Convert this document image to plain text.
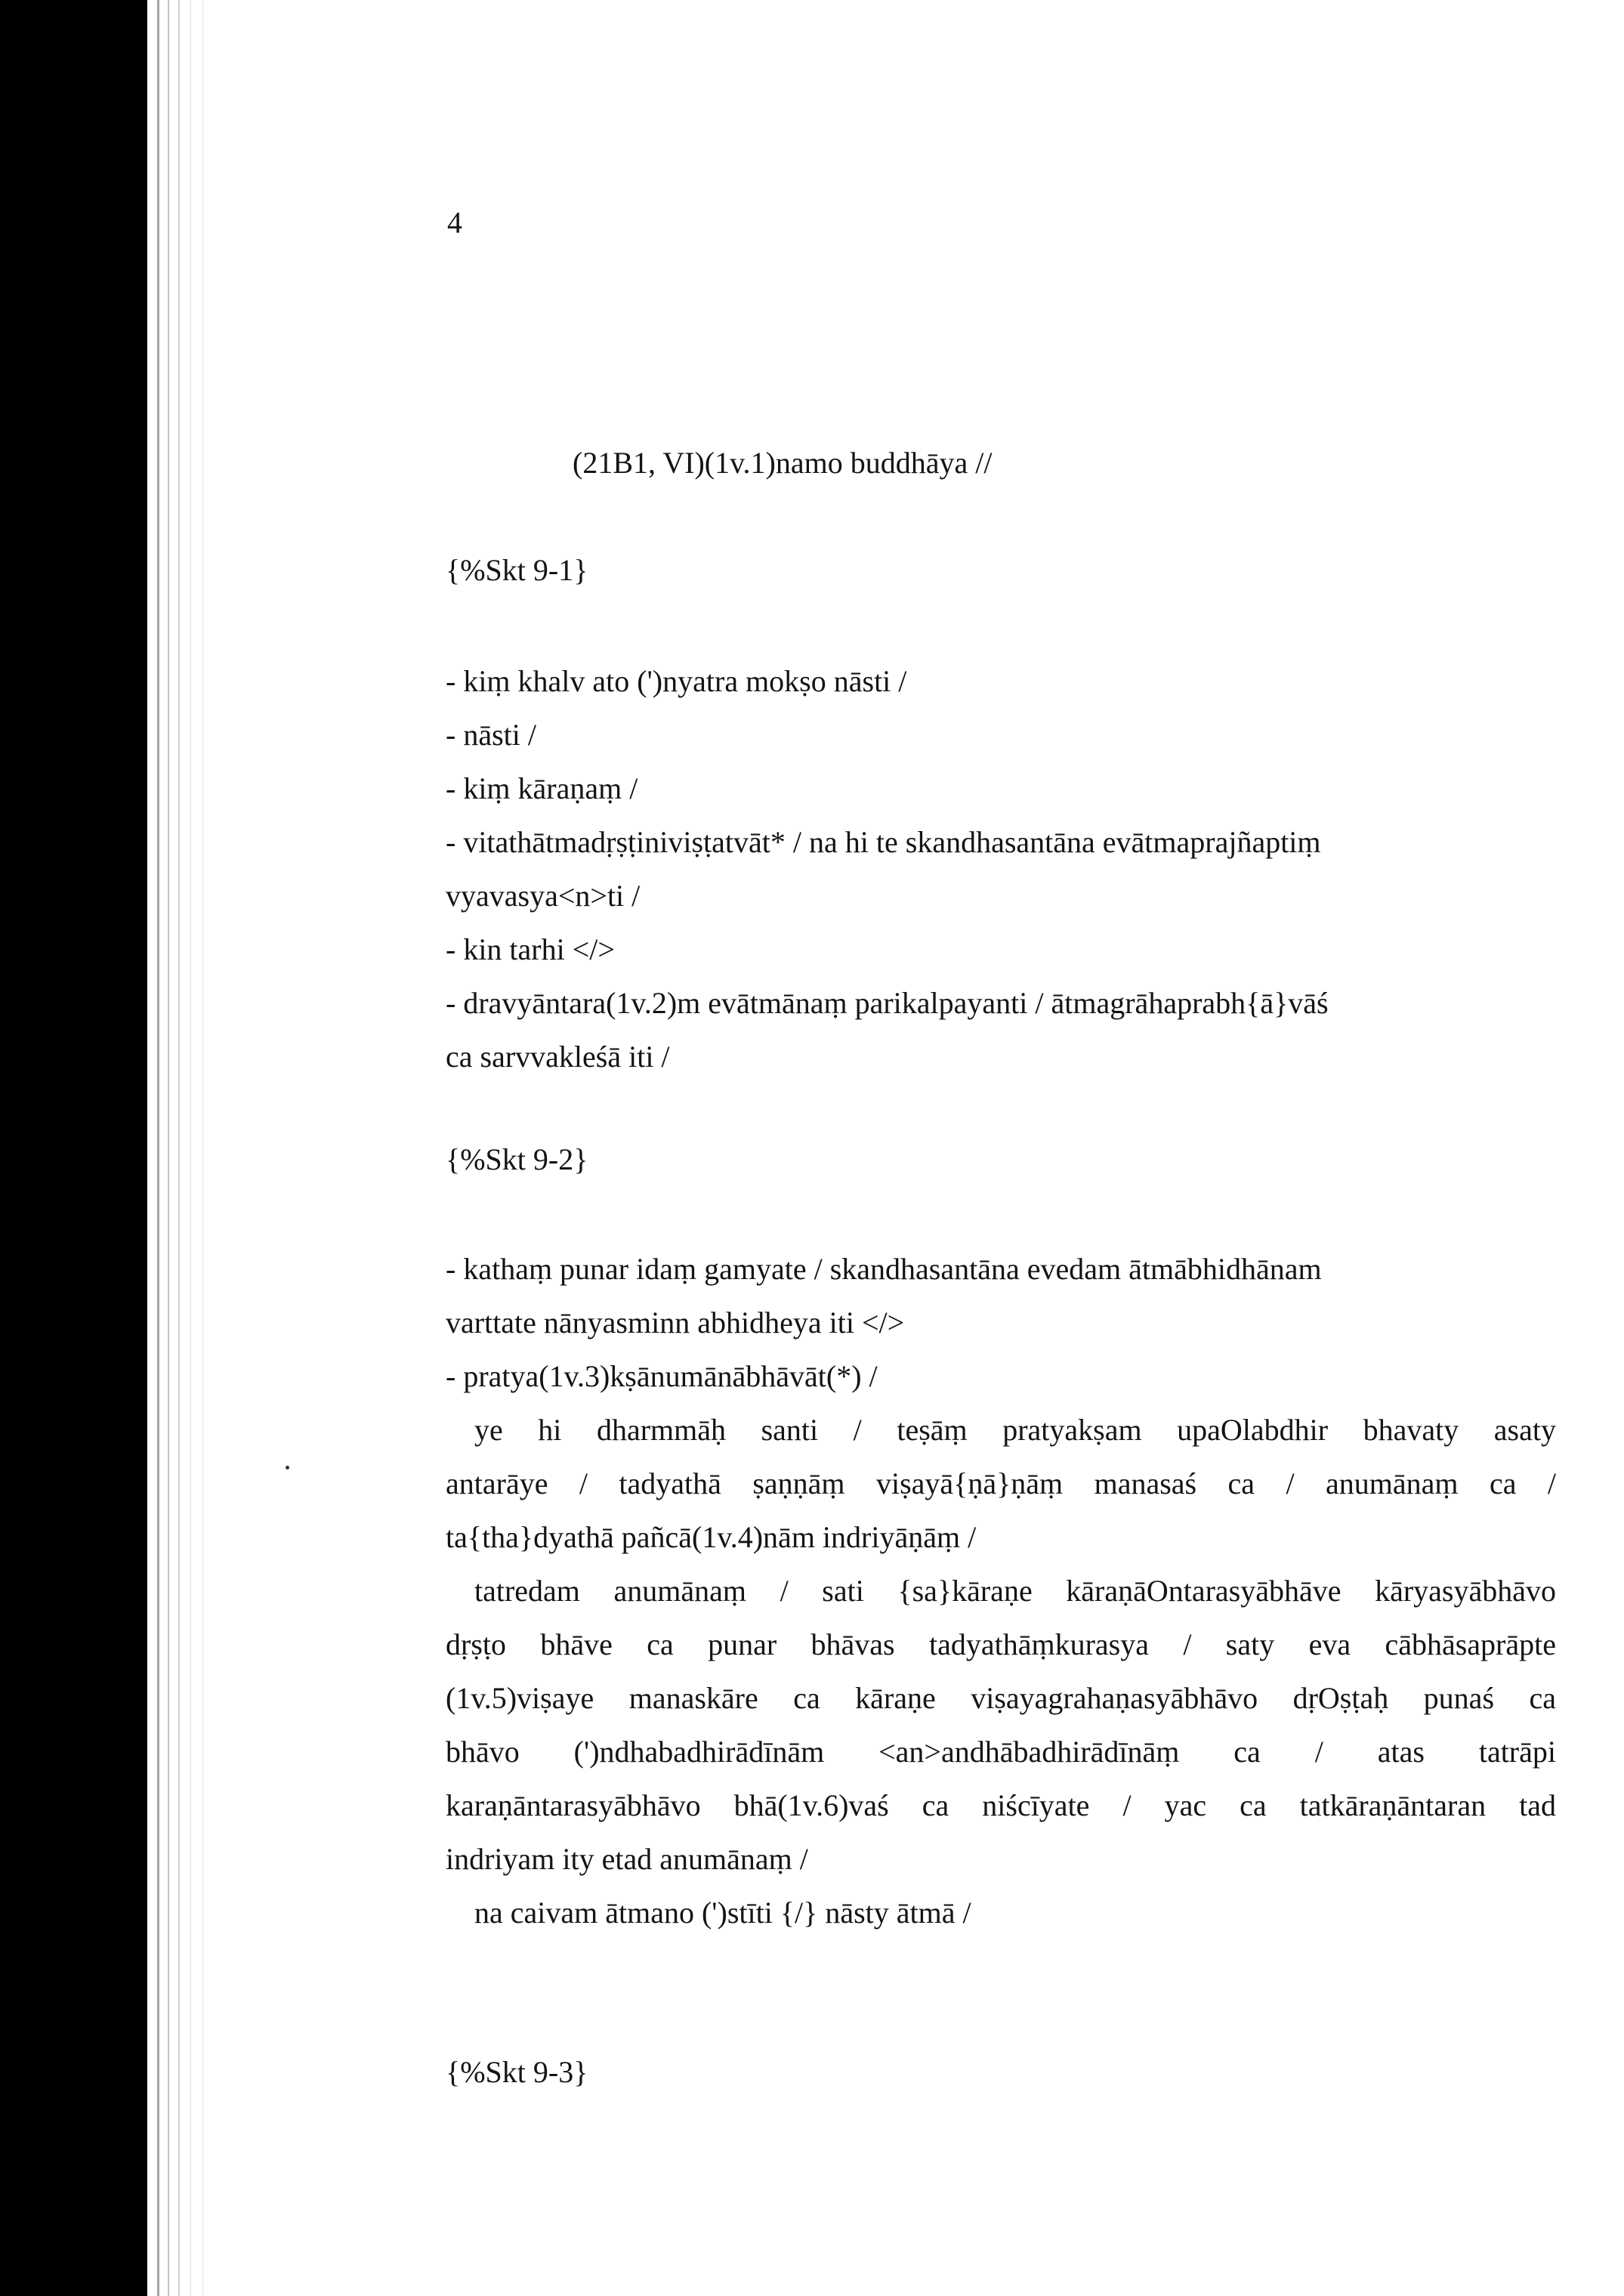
4
(21B1, VI)(1v.1)namo buddhāya //
{%Skt 9-1}
- kiṃ khalv ato (')nyatra mokṣo nāsti /
- nāsti /
- kiṃ kāraṇaṃ /
- vitathātmadṛṣṭiniviṣṭatvāt* / na hi te skandhasantāna evātmaprajñaptiṃ
vyavasya<n>ti /
- kin tarhi </>
- dravyāntara(1v.2)m evātmānaṃ parikalpayanti / ātmagrāhaprabh{ā}vāś
ca sarvvakleśā iti /
{%Skt 9-2}
- kathaṃ punar idaṃ gamyate / skandhasantāna evedam ātmābhidhānam
varttate nānyasminn abhidheya iti </>
- pratya(1v.3)kṣānumānābhāvāt(*) /
ye hi dharmmāḥ santi / teṣāṃ pratyakṣam upaOlabdhir bhavaty asaty
antarāye / tadyathā ṣaṇṇāṃ viṣayā{ṇā}ṇāṃ manasaś ca / anumānaṃ ca /
ta{tha}dyathā pañcā(1v.4)nām indriyāṇāṃ /
tatredam anumānaṃ / sati {sa}kāraṇe kāraṇāOntarasyābhāve kāryasyābhāvo
dṛṣṭo bhāve ca punar bhāvas tadyathāṃkurasya / saty eva cābhāsaprāpte
(1v.5)viṣaye manaskāre ca kāraṇe viṣayagrahaṇasyābhāvo dṛOṣṭaḥ punaś ca
bhāvo (')ndhabadhirādīnām <an>andhābadhirādīnāṃ ca / atas tatrāpi
karaṇāntarasyābhāvo bhā(1v.6)vaś ca niścīyate / yac ca tatkāraṇāntaran tad
indriyam ity etad anumānaṃ /
na caivam ātmano (')stīti {/} nāsty ātmā /
{%Skt 9-3}
